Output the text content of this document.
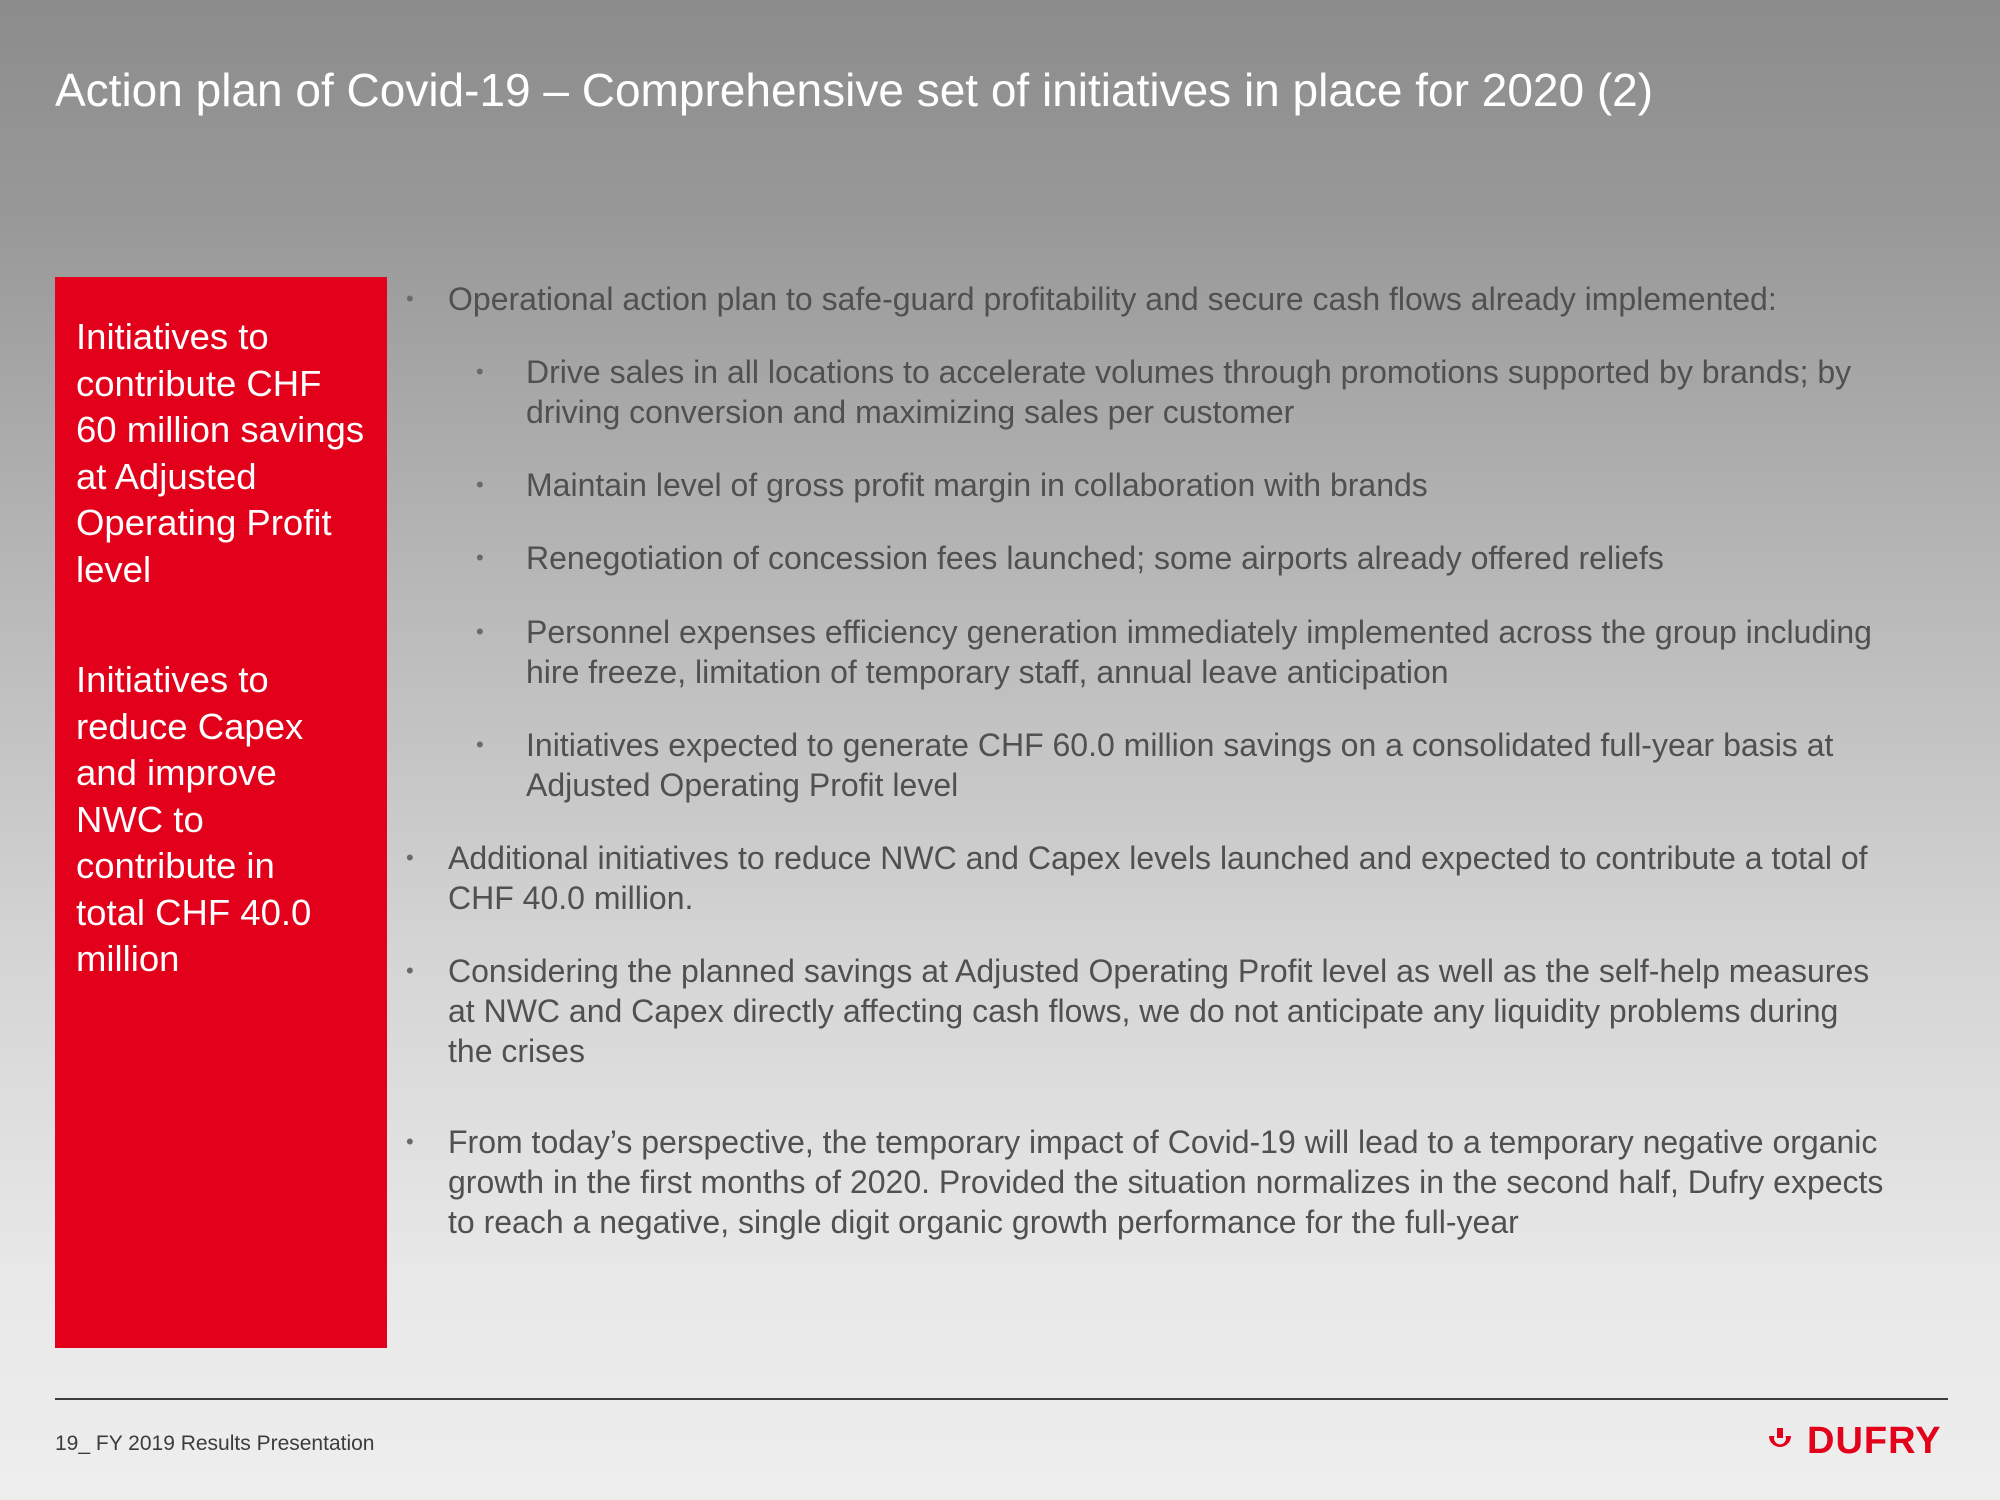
Action plan of Covid-19 – Comprehensive set of initiatives in place for 2020 (2)
Initiatives to
contribute CHF
60 million savings
at Adjusted
Operating Profit
level
Initiatives to
reduce Capex
and improve
NWC to
contribute in
total CHF 40.0
million
• Operational action plan to safe-guard profitability and secure cash flows already implemented:
• Drive sales in all locations to accelerate volumes through promotions supported by brands; by
driving conversion and maximizing sales per customer
• Maintain level of gross profit margin in collaboration with brands
• Renegotiation of concession fees launched; some airports already offered reliefs
• Personnel expenses efficiency generation immediately implemented across the group including
hire freeze, limitation of temporary staff, annual leave anticipation
• Initiatives expected to generate CHF 60.0 million savings on a consolidated full-year basis at
Adjusted Operating Profit level
• Additional initiatives to reduce NWC and Capex levels launched and expected to contribute a total of
CHF 40.0 million.
• Considering the planned savings at Adjusted Operating Profit level as well as the self-help measures
at NWC and Capex directly affecting cash flows, we do not anticipate any liquidity problems during
the crises
• From today’s perspective, the temporary impact of Covid-19 will lead to a temporary negative organic
growth in the first months of 2020. Provided the situation normalizes in the second half, Dufry expects
to reach a negative, single digit organic growth performance for the full-year
19_ FY 2019 Results Presentation	DUFRY
